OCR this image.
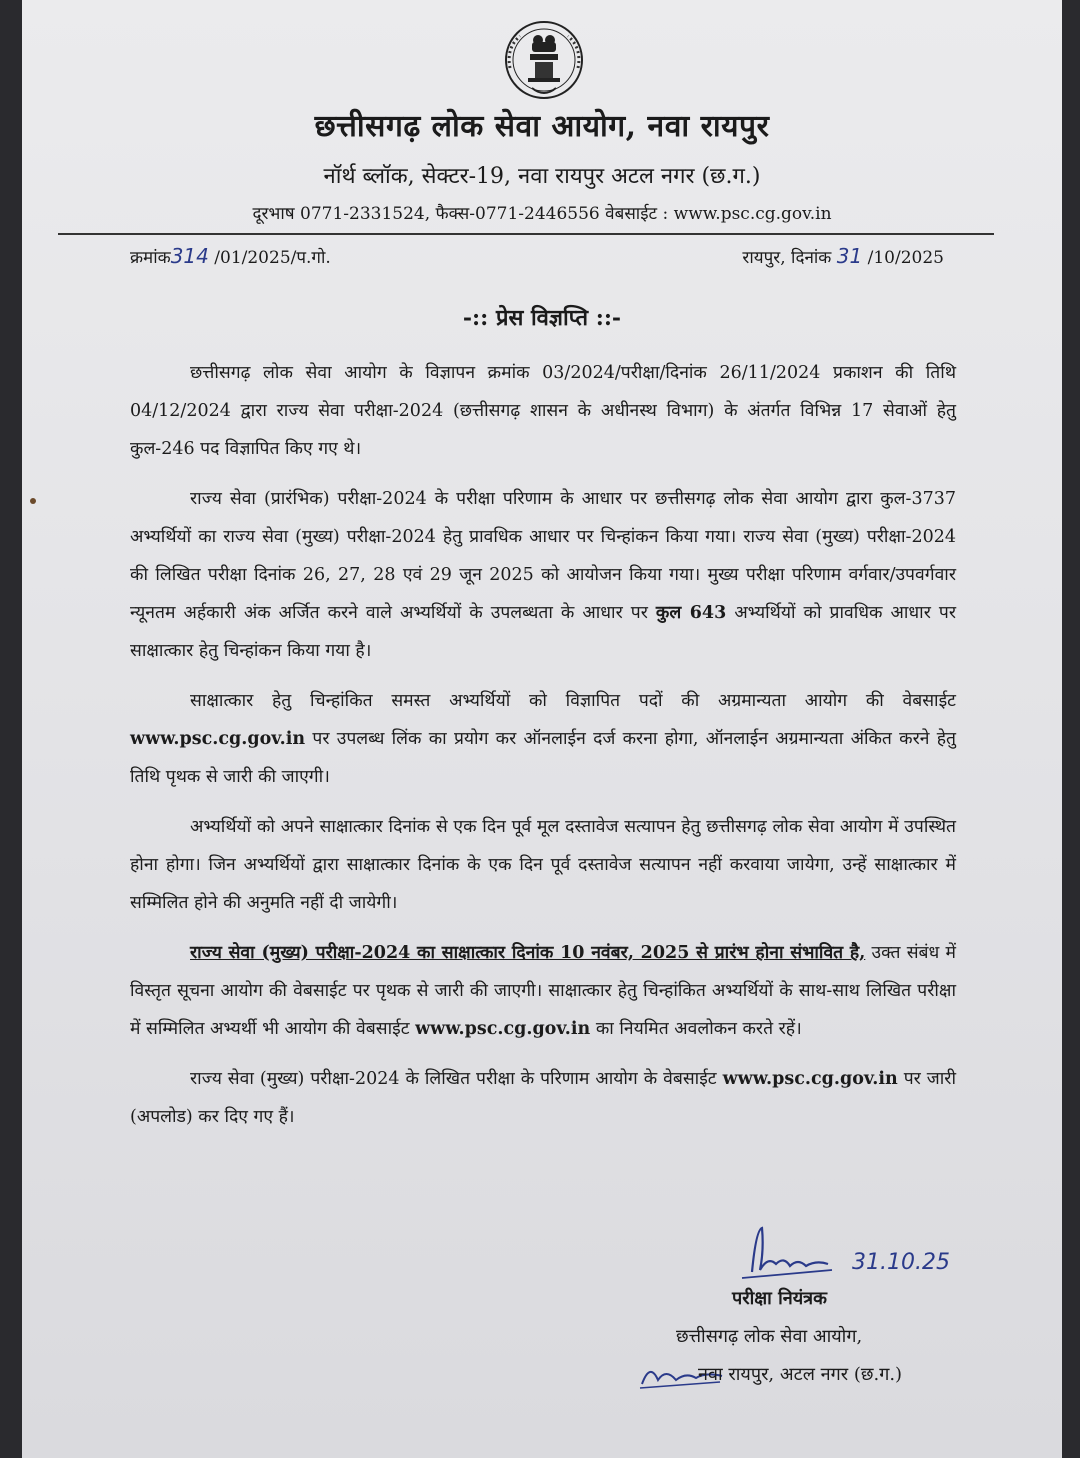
छत्तीसगढ़ लोक सेवा आयोग, नवा रायपुर
नॉर्थ ब्लॉक, सेक्टर-19, नवा रायपुर अटल नगर (छ.ग.)
दूरभाष 0771-2331524, फैक्स-0771-2446556 वेबसाईट : www.psc.cg.gov.in
क्रमांक314 /01/2025/प.गो.	रायपुर, दिनांक 31 /10/2025
-:: प्रेस विज्ञप्ति ::-

छत्तीसगढ़ लोक सेवा आयोग के विज्ञापन क्रमांक 03/2024/परीक्षा/दिनांक 26/11/2024 प्रकाशन की तिथि 04/12/2024 द्वारा राज्य सेवा परीक्षा-2024 (छत्तीसगढ़ शासन के अधीनस्थ विभाग) के अंतर्गत विभिन्न 17 सेवाओं हेतु कुल-246 पद विज्ञापित किए गए थे।

राज्य सेवा (प्रारंभिक) परीक्षा-2024 के परीक्षा परिणाम के आधार पर छत्तीसगढ़ लोक सेवा आयोग द्वारा कुल-3737 अभ्यर्थियों का राज्य सेवा (मुख्य) परीक्षा-2024 हेतु प्रावधिक आधार पर चिन्हांकन किया गया। राज्य सेवा (मुख्य) परीक्षा-2024 की लिखित परीक्षा दिनांक 26, 27, 28 एवं 29 जून 2025 को आयोजन किया गया। मुख्य परीक्षा परिणाम वर्गवार/उपवर्गवार न्यूनतम अर्हकारी अंक अर्जित करने वाले अभ्यर्थियों के उपलब्धता के आधार पर कुल 643 अभ्यर्थियों को प्रावधिक आधार पर साक्षात्कार हेतु चिन्हांकन किया गया है।

साक्षात्कार हेतु चिन्हांकित समस्त अभ्यर्थियों को विज्ञापित पदों की अग्रमान्यता आयोग की वेबसाईट www.psc.cg.gov.in पर उपलब्ध लिंक का प्रयोग कर ऑनलाईन दर्ज करना होगा, ऑनलाईन अग्रमान्यता अंकित करने हेतु तिथि पृथक से जारी की जाएगी।

अभ्यर्थियों को अपने साक्षात्कार दिनांक से एक दिन पूर्व मूल दस्तावेज सत्यापन हेतु छत्तीसगढ़ लोक सेवा आयोग में उपस्थित होना होगा। जिन अभ्यर्थियों द्वारा साक्षात्कार दिनांक के एक दिन पूर्व दस्तावेज सत्यापन नहीं करवाया जायेगा, उन्हें साक्षात्कार में सम्मिलित होने की अनुमति नहीं दी जायेगी।

राज्य सेवा (मुख्य) परीक्षा-2024 का साक्षात्कार दिनांक 10 नवंबर, 2025 से प्रारंभ होना संभावित है, उक्त संबंध में विस्तृत सूचना आयोग की वेबसाईट पर पृथक से जारी की जाएगी। साक्षात्कार हेतु चिन्हांकित अभ्यर्थियों के साथ-साथ लिखित परीक्षा में सम्मिलित अभ्यर्थी भी आयोग की वेबसाईट www.psc.cg.gov.in का नियमित अवलोकन करते रहें।

राज्य सेवा (मुख्य) परीक्षा-2024 के लिखित परीक्षा के परिणाम आयोग के वेबसाईट www.psc.cg.gov.in पर जारी (अपलोड) कर दिए गए हैं।

31.10.25
परीक्षा नियंत्रक
छत्तीसगढ़ लोक सेवा आयोग,
नवा रायपुर, अटल नगर (छ.ग.)
